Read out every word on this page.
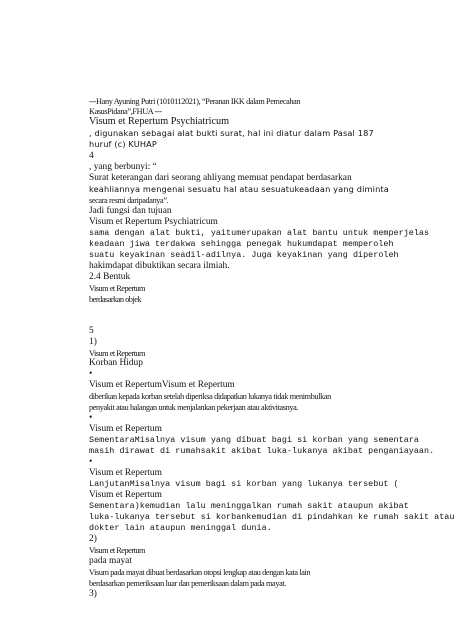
---Hany Ayuning Putri (1010112021), “Peranan IKK dalam Pemecahan
KasusPidana”,FHUA ---
Visum et Repertum Psychiatricum
, digunakan sebagai alat bukti surat, hal ini diatur dalam Pasal 187
huruf (c) KUHAP
4
, yang berbunyi: “
Surat keterangan dari seorang ahliyang memuat pendapat berdasarkan
keahliannya mengenai sesuatu hal atau sesuatukeadaan yang diminta
secara resmi daripadanya”.
Jadi fungsi dan tujuan
Visum et Repertum Psychiatricum
sama dengan alat bukti, yaitumerupakan alat bantu untuk memperjelas
keadaan jiwa terdakwa sehingga penegak hukumdapat memperoleh
suatu keyakinan seadil-adilnya. Juga keyakinan yang diperoleh
hakimdapat dibuktikan secara ilmiah.
2.4 Bentuk
Visum et Repertum
berdasarkan objek
5
1)
Visum et Repertum
Korban Hidup
•
Visum et RepertumVisum et Repertum
diberikan kepada korban setelah diperiksa didapatkan lukanya tidak menimbulkan
penyakit atau halangan untuk menjalankan pekerjaan atau aktivitasnya.
•
Visum et Repertum
SementaraMisalnya visum yang dibuat bagi si korban yang sementara
masih dirawat di rumahsakit akibat luka-lukanya akibat penganiayaan.
•
Visum et Repertum
LanjutanMisalnya visum bagi si korban yang lukanya tersebut (
Visum et Repertum
Sementara)kemudian lalu meninggalkan rumah sakit ataupun akibat
luka-lukanya tersebut si korbankemudian di pindahkan ke rumah sakit atau
dokter lain ataupun meninggal dunia.
2)
Visum et Repertum
pada mayat
Visum pada mayat dibuat berdasarkan otopsi lengkap atau dengan kata lain
berdasarkan pemeriksaan luar dan pemeriksaan dalam pada mayat.
3)
